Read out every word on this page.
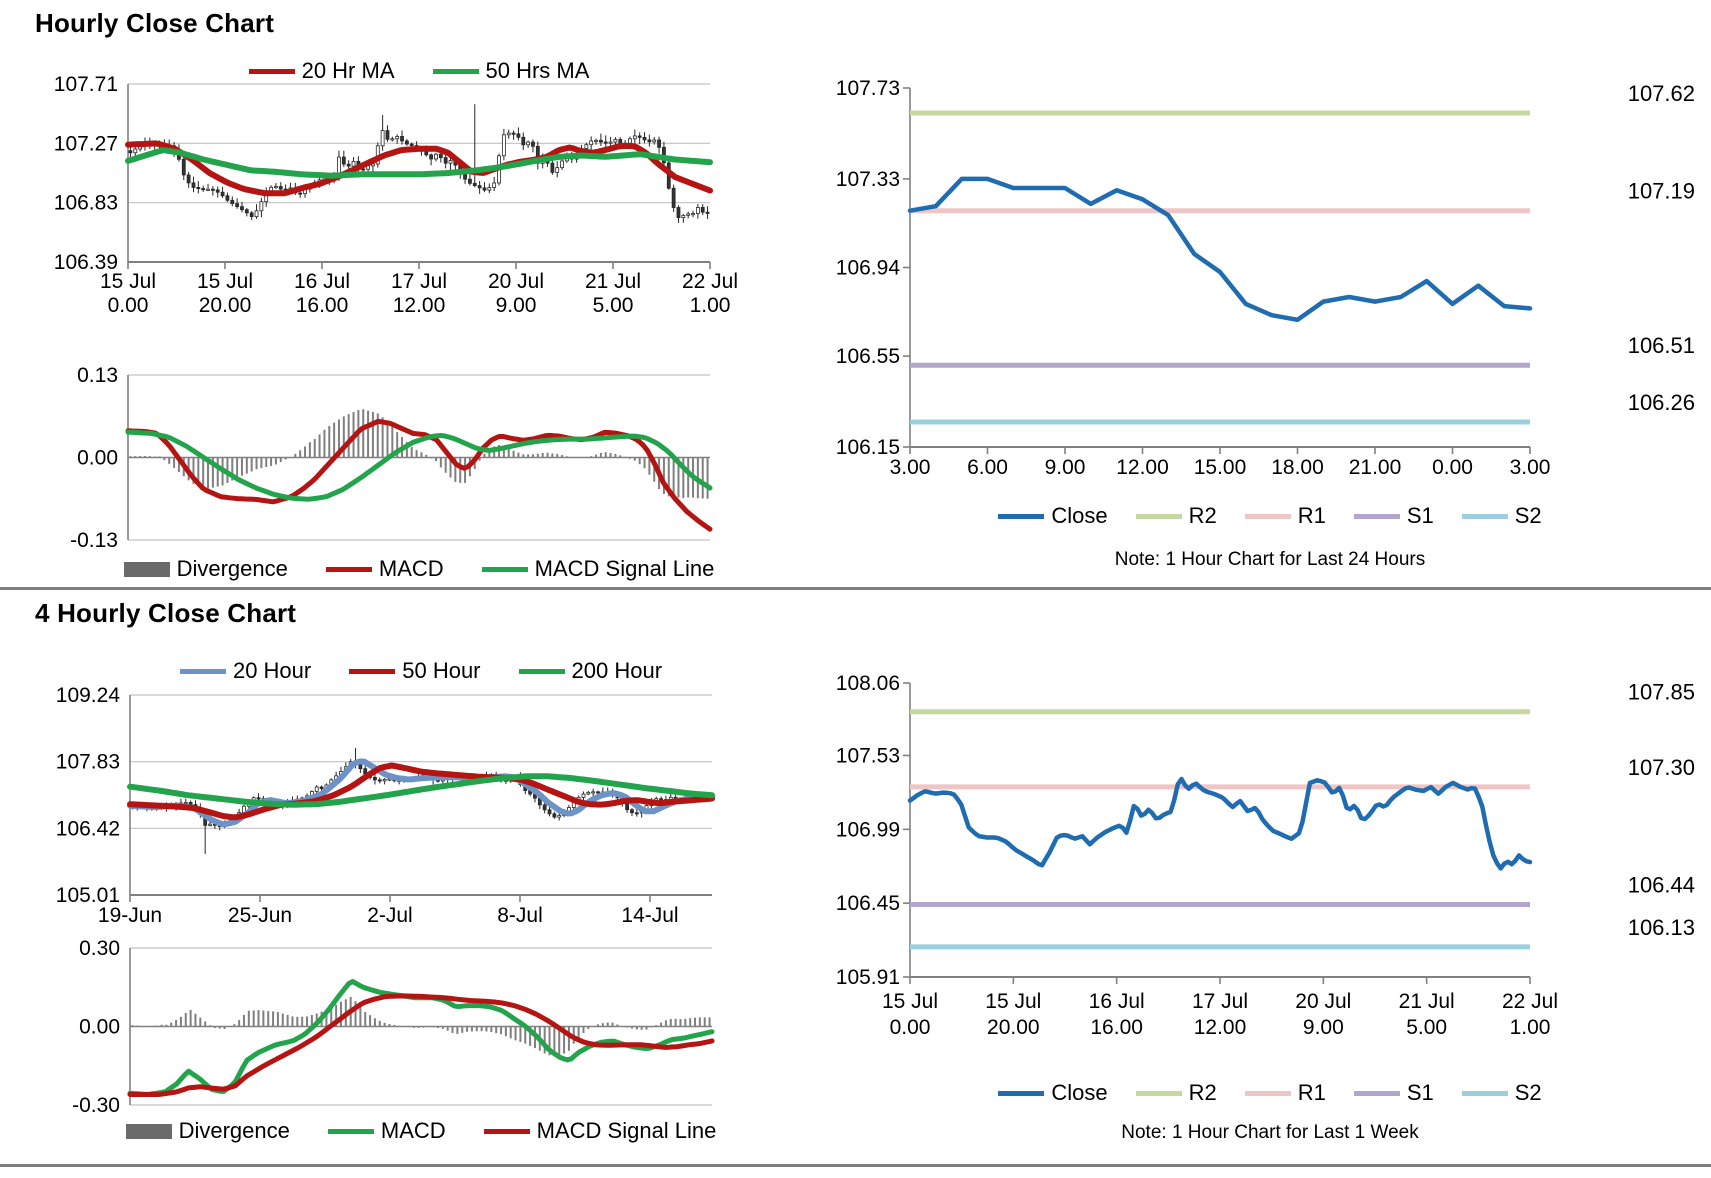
Hourly Close Chart
20 Hr MA	50 Hrs MA
107.71
107.27
106.83
106.39
15 Jul
0.00
15 Jul
20.00
16 Jul
16.00
17 Jul
12.00
20 Jul
9.00
21 Jul
5.00
22 Jul
1.00
0.13
0.00
-0.13
Divergence	MACD	MACD Signal Line
107.73
107.33
106.94
106.55
106.15
3.00 6.00 9.00 12.00 15.00 18.00 21.00 0.00 3.00
107.62
107.19
106.51
106.26
Close	R2	R1	S1	S2
Note: 1 Hour Chart for Last 24 Hours
4 Hourly Close Chart
20 Hour	50 Hour	200 Hour
109.24
107.83
106.42
105.01
19-Jun	25-Jun	2-Jul	8-Jul	14-Jul
0.30
0.00
-0.30
Divergence	MACD	MACD Signal Line
108.06
107.53
106.99
106.45
105.91
15 Jul
0.00
15 Jul
20.00
16 Jul
16.00
17 Jul
12.00
20 Jul
9.00
21 Jul
5.00
22 Jul
1.00
107.85
107.30
106.44
106.13
Close	R2	R1	S1	S2
Note: 1 Hour Chart for Last 1 Week
